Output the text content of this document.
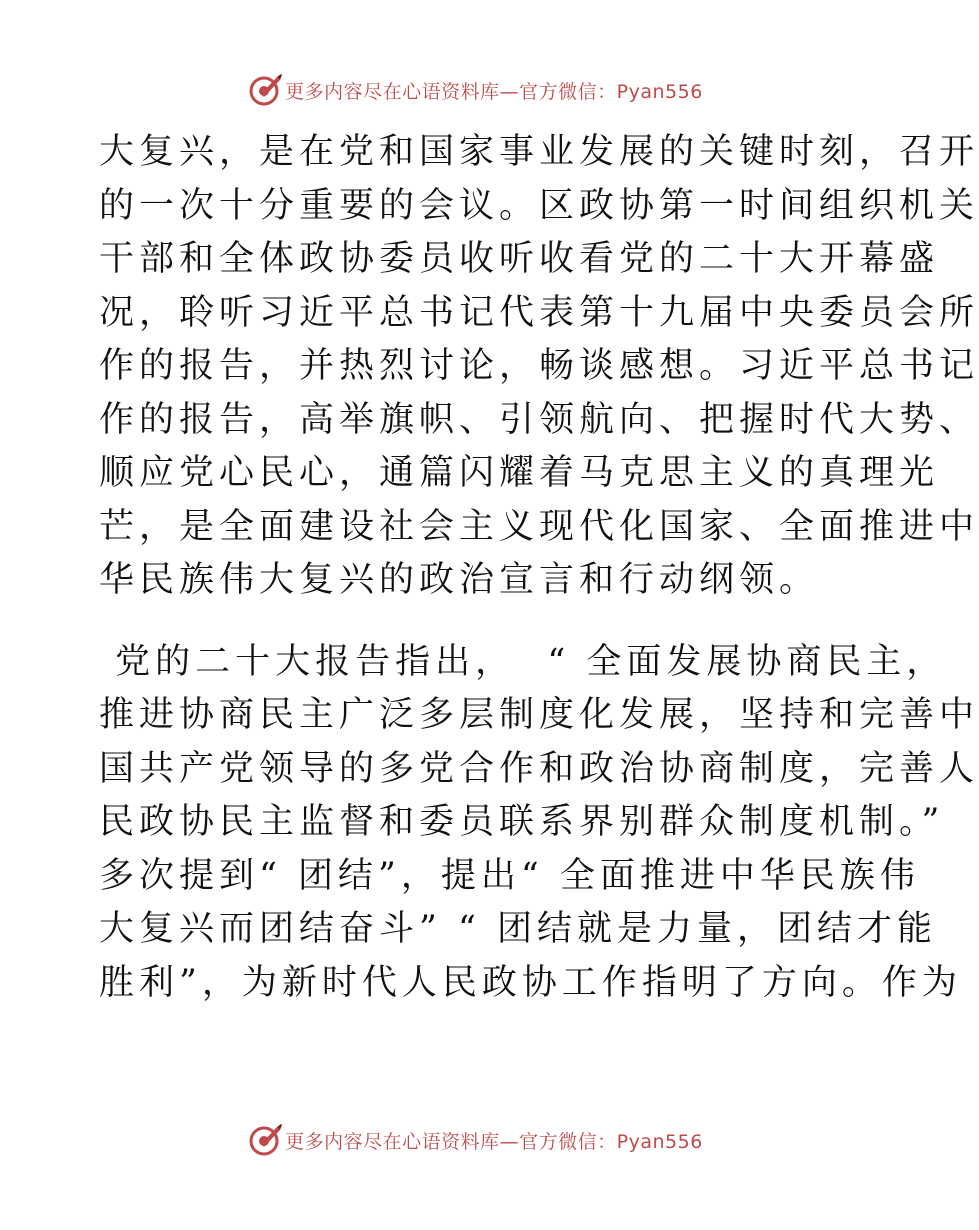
更多内容尽在心语资料库—官方微信：Pyan556
大复兴，是在党和国家事业发展的关键时刻，召开
的一次十分重要的会议。区政协第一时间组织机关
干部和全体政协委员收听收看党的二十大开幕盛
况，聆听习近平总书记代表第十九届中央委员会所
作的报告，并热烈讨论，畅谈感想。习近平总书记
作的报告，高举旗帜、引领航向、把握时代大势、
顺应党心民心，通篇闪耀着马克思主义的真理光
芒，是全面建设社会主义现代化国家、全面推进中
华民族伟大复兴的政治宣言和行动纲领。
党的二十大报告指出，  “ 全面发展协商民主，
推进协商民主广泛多层制度化发展，坚持和完善中
国共产党领导的多党合作和政治协商制度，完善人
民政协民主监督和委员联系界别群众制度机制。”
多次提到“ 团结”，提出“ 全面推进中华民族伟
大复兴而团结奋斗” “ 团结就是力量，团结才能
胜利”，为新时代人民政协工作指明了方向。作为
更多内容尽在心语资料库—官方微信：Pyan556
